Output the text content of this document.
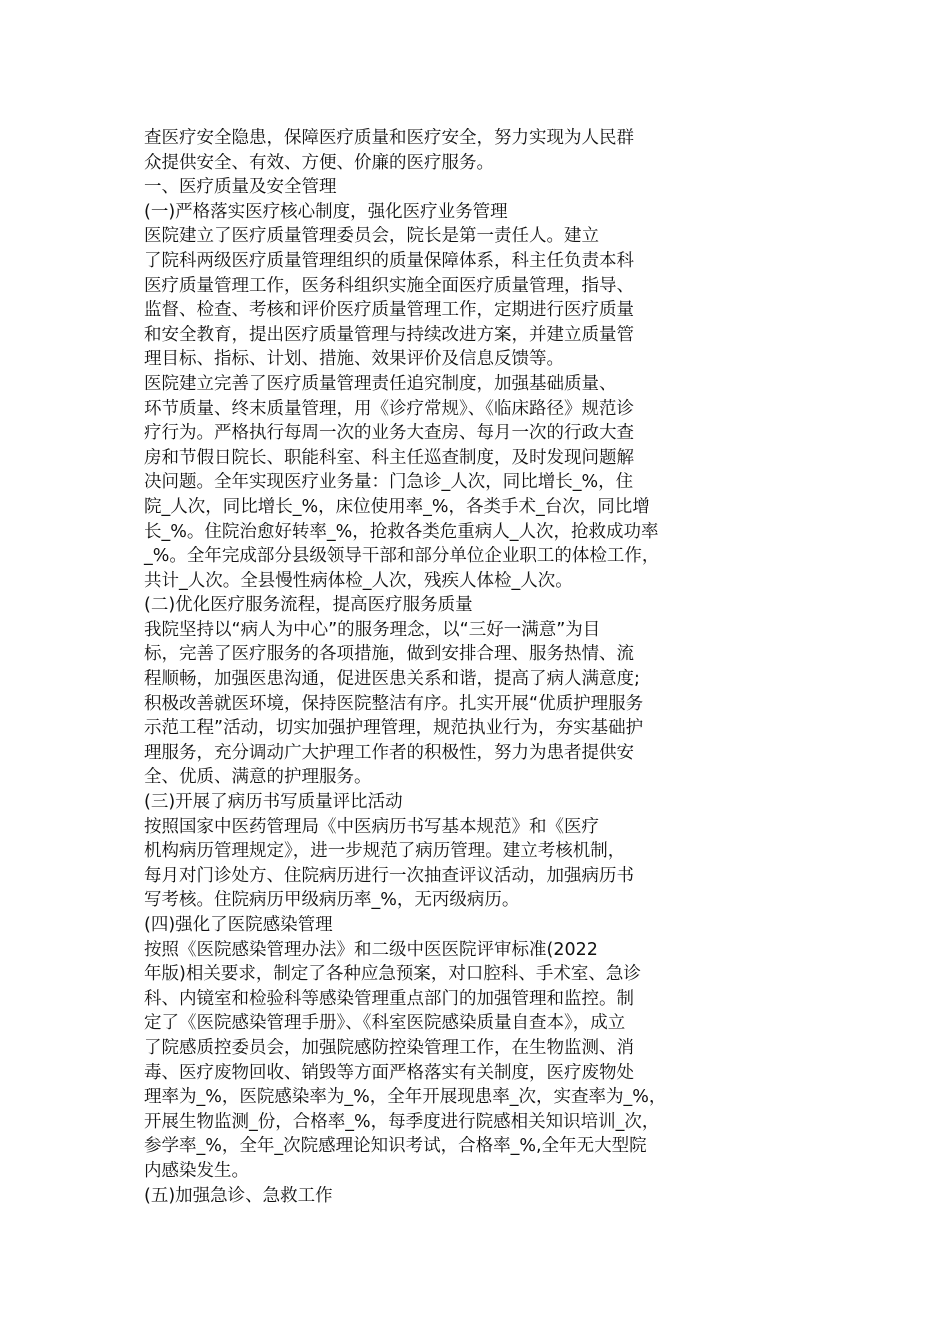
查医疗安全隐患，保障医疗质量和医疗安全，努力实现为人民群

众提供安全、有效、方便、价廉的医疗服务。

一、医疗质量及安全管理

(一)严格落实医疗核心制度，强化医疗业务管理

医院建立了医疗质量管理委员会，院长是第一责任人。建立

了院科两级医疗质量管理组织的质量保障体系，科主任负责本科

医疗质量管理工作，医务科组织实施全面医疗质量管理，指导、

监督、检查、考核和评价医疗质量管理工作，定期进行医疗质量

和安全教育，提出医疗质量管理与持续改进方案，并建立质量管

理目标、指标、计划、措施、效果评价及信息反馈等。

医院建立完善了医疗质量管理责任追究制度，加强基础质量、

环节质量、终末质量管理，用《诊疗常规》、《临床路径》规范诊

疗行为。严格执行每周一次的业务大查房、每月一次的行政大查

房和节假日院长、职能科室、科主任巡查制度，及时发现问题解

决问题。全年实现医疗业务量：门急诊_人次，同比增长_%，住

院_人次，同比增长_%，床位使用率_%，各类手术_台次，同比增

长_%。住院治愈好转率_%，抢救各类危重病人_人次，抢救成功率

_%。全年完成部分县级领导干部和部分单位企业职工的体检工作，

共计_人次。全县慢性病体检_人次，残疾人体检_人次。

(二)优化医疗服务流程，提高医疗服务质量

我院坚持以“病人为中心”的服务理念，以“三好一满意”为目

标，完善了医疗服务的各项措施，做到安排合理、服务热情、流

程顺畅，加强医患沟通，促进医患关系和谐，提高了病人满意度;

积极改善就医环境，保持医院整洁有序。扎实开展“优质护理服务

示范工程”活动，切实加强护理管理，规范执业行为，夯实基础护

理服务，充分调动广大护理工作者的积极性，努力为患者提供安

全、优质、满意的护理服务。

(三)开展了病历书写质量评比活动

按照国家中医药管理局《中医病历书写基本规范》和《医疗

机构病历管理规定》，进一步规范了病历管理。建立考核机制，

每月对门诊处方、住院病历进行一次抽查评议活动，加强病历书

写考核。住院病历甲级病历率_%，无丙级病历。

(四)强化了医院感染管理

按照《医院感染管理办法》和二级中医医院评审标准(2022

年版)相关要求，制定了各种应急预案，对口腔科、手术室、急诊

科、内镜室和检验科等感染管理重点部门的加强管理和监控。制

定了《医院感染管理手册》、《科室医院感染质量自查本》，成立

了院感质控委员会，加强院感防控染管理工作，在生物监测、消

毒、医疗废物回收、销毁等方面严格落实有关制度，医疗废物处

理率为_%，医院感染率为_%，全年开展现患率_次，实查率为_%，

开展生物监测_份，合格率_%，每季度进行院感相关知识培训_次，

参学率_%，全年_次院感理论知识考试，合格率_%,全年无大型院

内感染发生。

(五)加强急诊、急救工作
